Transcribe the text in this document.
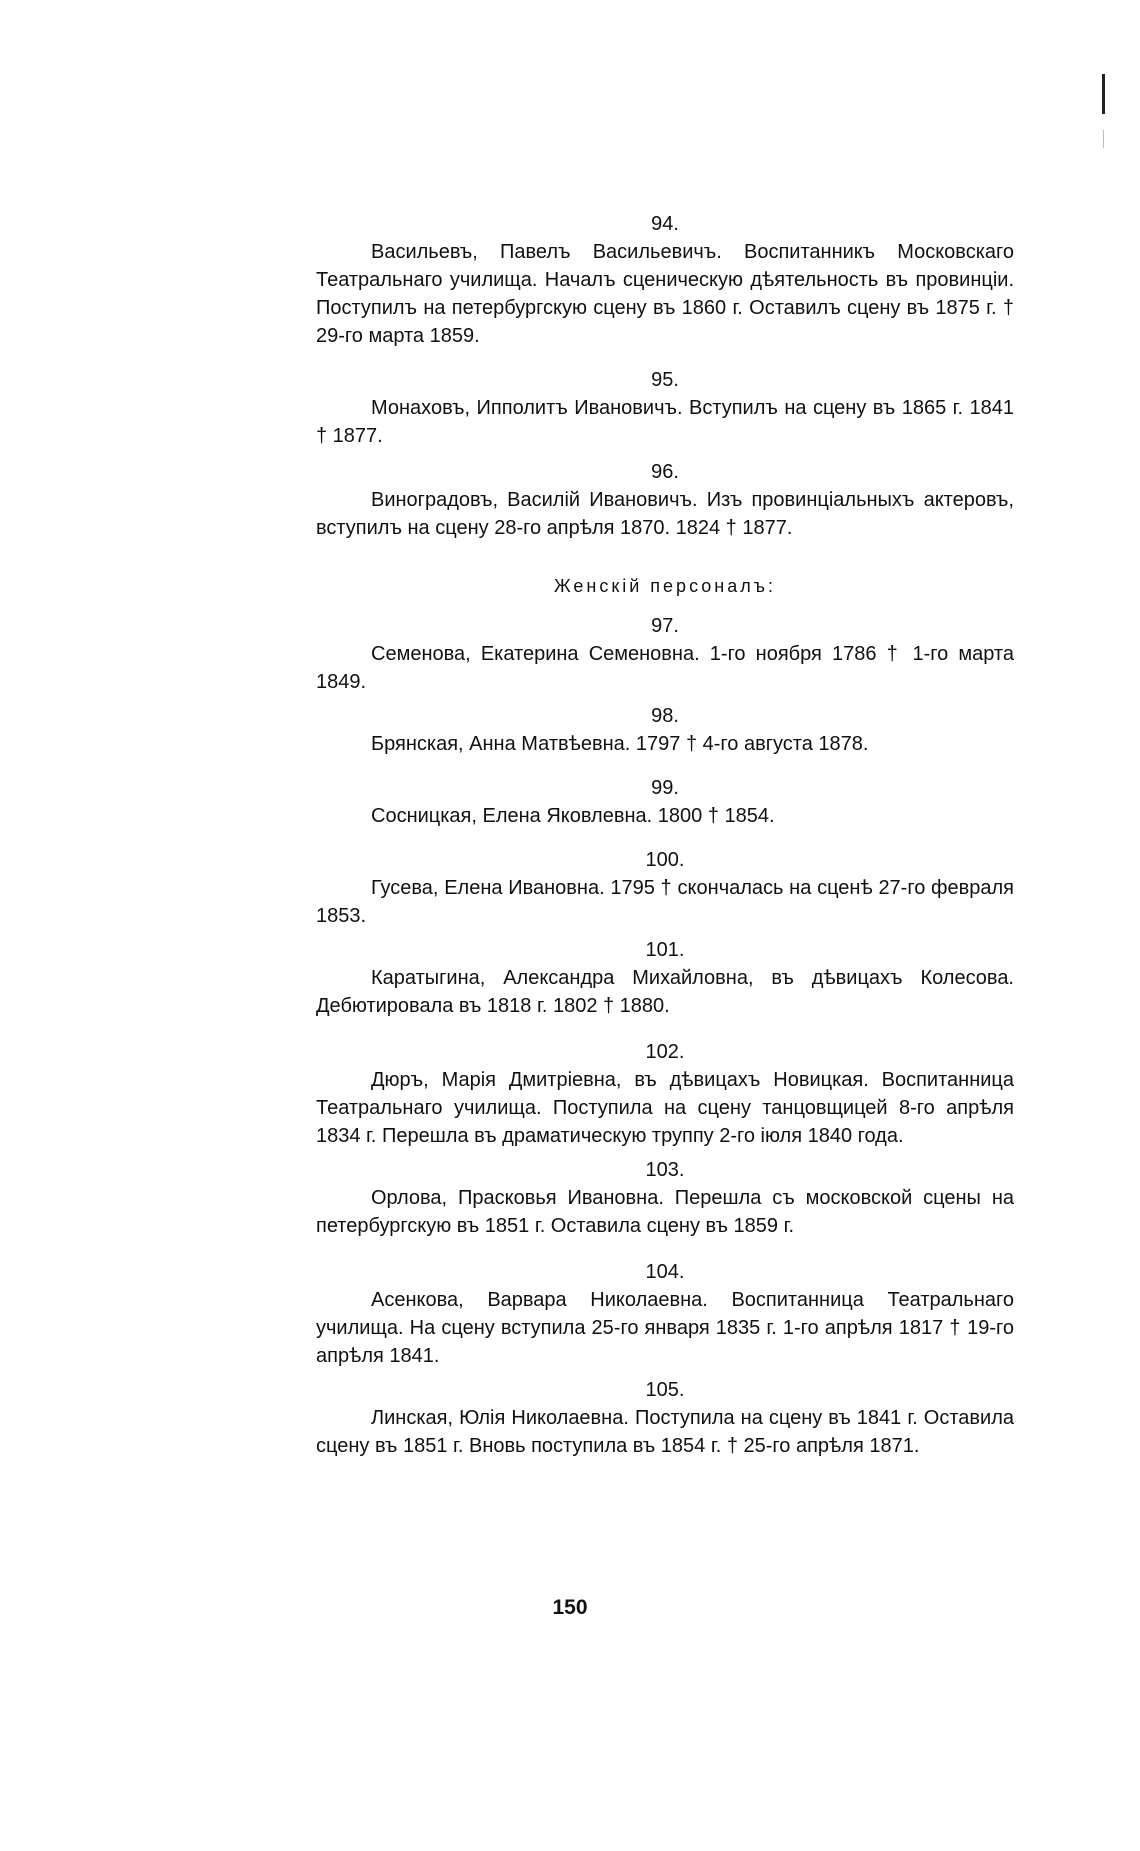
94.

Васильевъ, Павелъ Васильевичъ. Воспитанникъ Московскаго Театральнаго училища. Началъ сценическую дѣятельность въ провинціи. Поступилъ на петербургскую сцену въ 1860 г. Оставилъ сцену въ 1875 г. † 29-го марта 1859.

95.

Монаховъ, Ипполитъ Ивановичъ. Вступилъ на сцену въ 1865 г. 1841 † 1877.

96.

Виноградовъ, Василій Ивановичъ. Изъ провинціальныхъ актеровъ, вступилъ на сцену 28-го апрѣля 1870. 1824 † 1877.

Женскій персоналъ:
97.

Семенова, Екатерина Семеновна. 1-го ноября 1786 † 1-го марта 1849.

98.

Брянская, Анна Матвѣевна. 1797 † 4-го августа 1878.

99.

Сосницкая, Елена Яковлевна. 1800 † 1854.

100.

Гусева, Елена Ивановна. 1795 † скончалась на сценѣ 27-го февраля 1853.

101.

Каратыгина, Александра Михайловна, въ дѣвицахъ Колесова. Дебютировала въ 1818 г. 1802 † 1880.

102.

Дюръ, Марія Дмитріевна, въ дѣвицахъ Новицкая. Воспитанница Театральнаго училища. Поступила на сцену танцовщицей 8-го апрѣля 1834 г. Перешла въ драматическую труппу 2-го іюля 1840 года.

103.

Орлова, Прасковья Ивановна. Перешла съ московской сцены на петербургскую въ 1851 г. Оставила сцену въ 1859 г.

104.

Асенкова, Варвара Николаевна. Воспитанница Театральнаго училища. На сцену вступила 25-го января 1835 г. 1-го апрѣля 1817 † 19-го апрѣля 1841.

105.

Линская, Юлія Николаевна. Поступила на сцену въ 1841 г. Оставила сцену въ 1851 г. Вновь поступила въ 1854 г. † 25-го апрѣля 1871.

150
